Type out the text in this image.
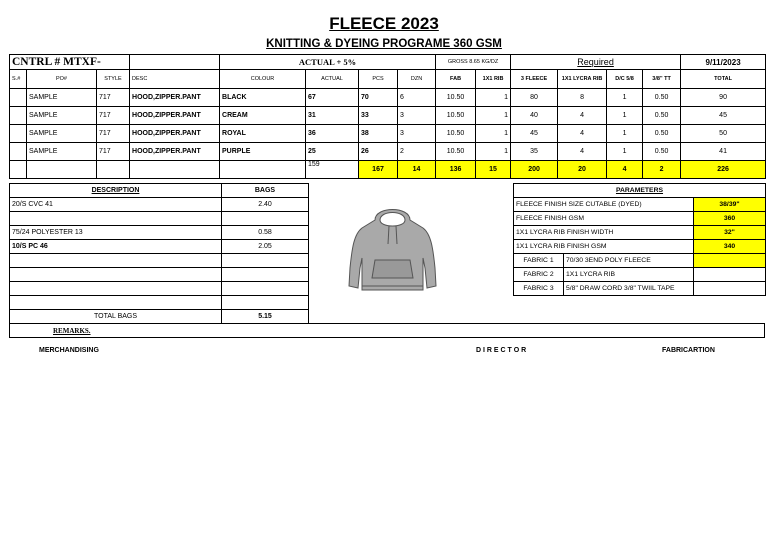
FLEECE 2023
KNITTING & DYEING PROGRAME 360 GSM
CNTRL # MTXF-				ACTUAL + 5%				GROSS 8.65 KG/DZ		Required				9/11/2023
S.#	PO#	STYLE	DESC	COLOUR	ACTUAL	PCS	DZN	FAB	1X1 RIB	3 FLEECE	1X1 LYCRA RIB	D/C 5/8	3/8" TT	TOTAL
	SAMPLE	717	HOOD,ZIPPER.PANT	BLACK	67	70	6	10.50	1	80	8	1	0.50	90
	SAMPLE	717	HOOD,ZIPPER.PANT	CREAM	31	33	3	10.50	1	40	4	1	0.50	45
	SAMPLE	717	HOOD,ZIPPER.PANT	ROYAL	36	38	3	10.50	1	45	4	1	0.50	50
	SAMPLE	717	HOOD,ZIPPER.PANT	PURPLE	25	26	2	10.50	1	35	4	1	0.50	41
					159	167	14	136	15	200	20	4	2	226
DESCRIPTION	BAGS
20/S CVC 41	2.40

75/24 POLYESTER 13	0.58
10/S PC 46	2.05

TOTAL BAGS	5.15
PARAMETERS		
FLEECE FINISH SIZE CUTABLE (DYED)		38/39"
FLEECE FINISH GSM		360
1X1 LYCRA RIB FINISH WIDTH		32"
1X1 LYCRA RIB FINISH GSM		340
FABRIC 1	70/30 3END POLY FLEECE	
FABRIC 2	1X1 LYCRA RIB	
FABRIC 3	5/8" DRAW CORD 3/8" TWIIL TAPE	
REMARKS.
MERCHANDISING	D I R E C T O R	FABRICARTION
